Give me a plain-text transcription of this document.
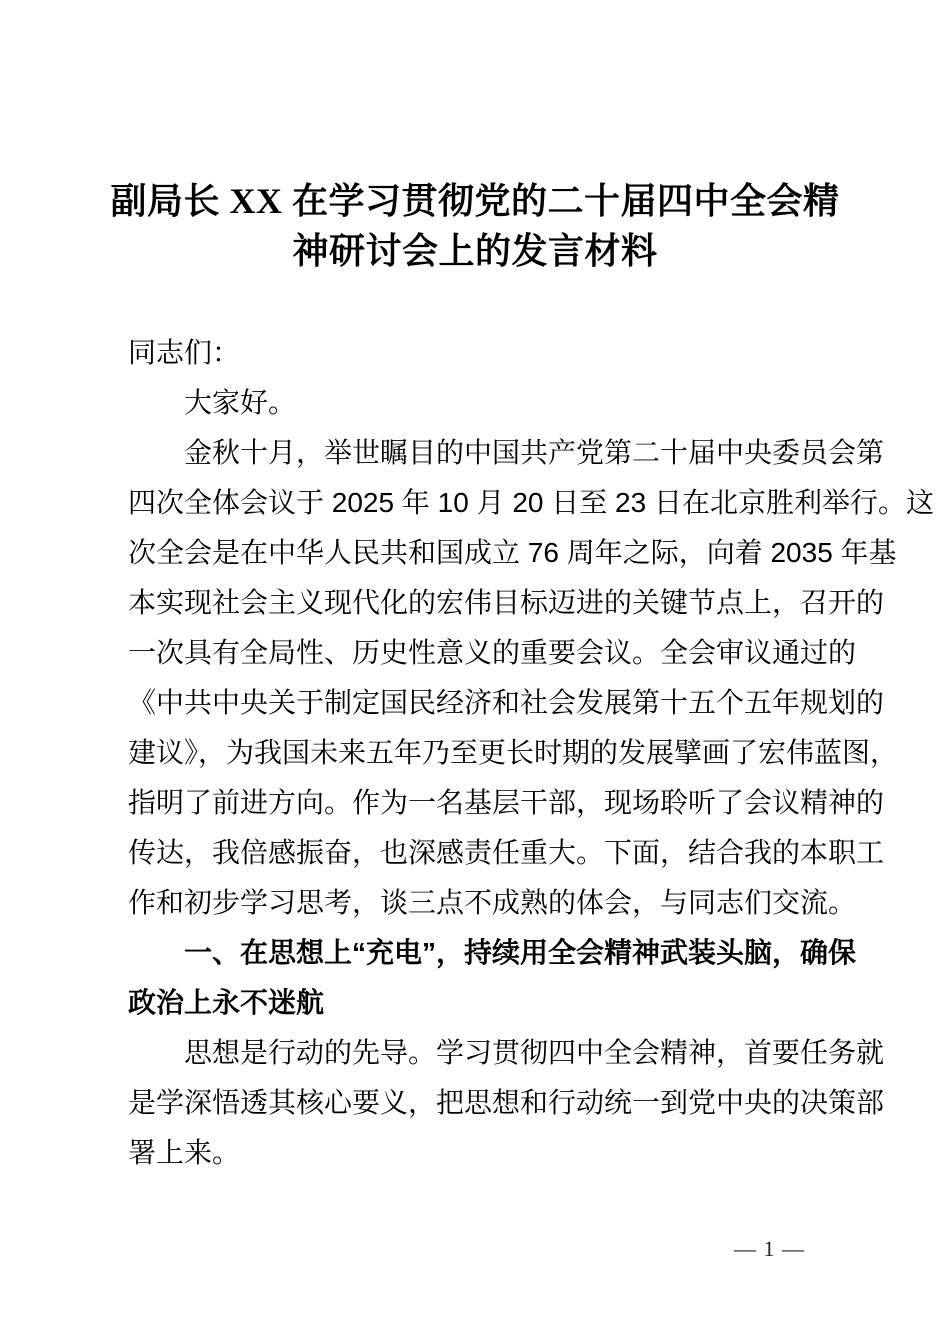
副局长 XX 在学习贯彻党的二十届四中全会精
神研讨会上的发言材料
同志们：
大家好。
金秋十月，举世瞩目的中国共产党第二十届中央委员会第
四次全体会议于 2025 年 10 月 20 日至 23 日在北京胜利举行。这
次全会是在中华人民共和国成立 76 周年之际，向着 2035 年基
本实现社会主义现代化的宏伟目标迈进的关键节点上，召开的
一次具有全局性、历史性意义的重要会议。全会审议通过的
《中共中央关于制定国民经济和社会发展第十五个五年规划的
建议》，为我国未来五年乃至更长时期的发展擘画了宏伟蓝图，
指明了前进方向。作为一名基层干部，现场聆听了会议精神的
传达，我倍感振奋，也深感责任重大。下面，结合我的本职工
作和初步学习思考，谈三点不成熟的体会，与同志们交流。
一、在思想上“充电”，持续用全会精神武装头脑，确保
政治上永不迷航
思想是行动的先导。学习贯彻四中全会精神，首要任务就
是学深悟透其核心要义，把思想和行动统一到党中央的决策部
署上来。
— 1 —
